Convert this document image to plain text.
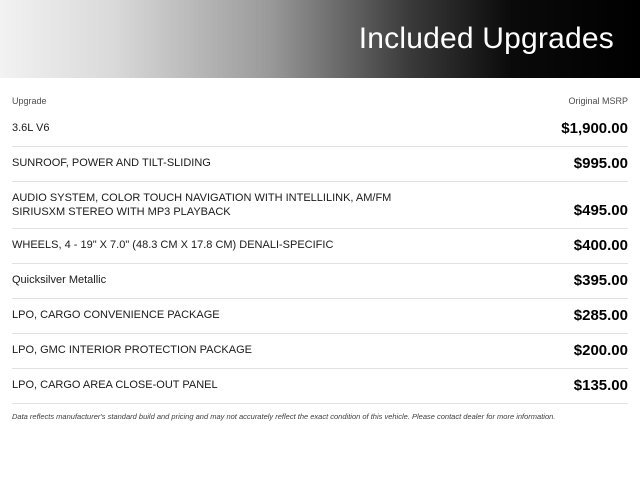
Included Upgrades
Upgrade	Original MSRP
3.6L V6	$1,900.00
SUNROOF, POWER AND TILT-SLIDING	$995.00
AUDIO SYSTEM, COLOR TOUCH NAVIGATION WITH INTELLILINK, AM/FM SIRIUSXM STEREO WITH MP3 PLAYBACK	$495.00
WHEELS, 4 - 19" X 7.0" (48.3 CM X 17.8 CM) DENALI-SPECIFIC	$400.00
Quicksilver Metallic	$395.00
LPO, CARGO CONVENIENCE PACKAGE	$285.00
LPO, GMC INTERIOR PROTECTION PACKAGE	$200.00
LPO, CARGO AREA CLOSE-OUT PANEL	$135.00
Data reflects manufacturer's standard build and pricing and may not accurately reflect the exact condition of this vehicle. Please contact dealer for more information.
